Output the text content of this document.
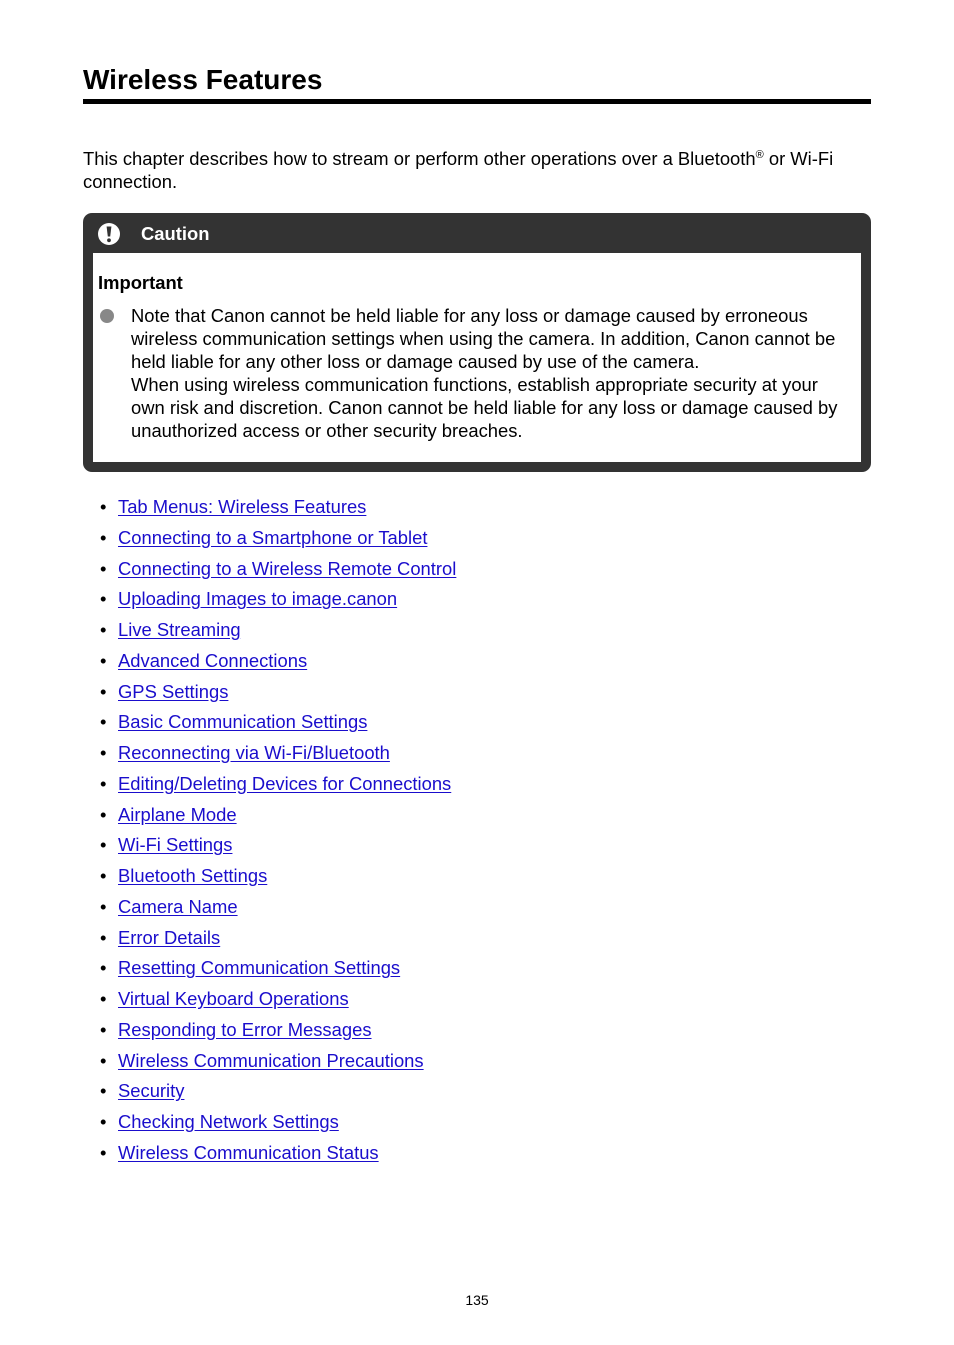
Wireless Features

This chapter describes how to stream or perform other operations over a Bluetooth® or Wi-Fi connection.

Caution

Important

Note that Canon cannot be held liable for any loss or damage caused by erroneous wireless communication settings when using the camera. In addition, Canon cannot be held liable for any other loss or damage caused by use of the camera.
When using wireless communication functions, establish appropriate security at your own risk and discretion. Canon cannot be held liable for any loss or damage caused by unauthorized access or other security breaches.

• Tab Menus: Wireless Features
• Connecting to a Smartphone or Tablet
• Connecting to a Wireless Remote Control
• Uploading Images to image.canon
• Live Streaming
• Advanced Connections
• GPS Settings
• Basic Communication Settings
• Reconnecting via Wi-Fi/Bluetooth
• Editing/Deleting Devices for Connections
• Airplane Mode
• Wi-Fi Settings
• Bluetooth Settings
• Camera Name
• Error Details
• Resetting Communication Settings
• Virtual Keyboard Operations
• Responding to Error Messages
• Wireless Communication Precautions
• Security
• Checking Network Settings
• Wireless Communication Status
135
